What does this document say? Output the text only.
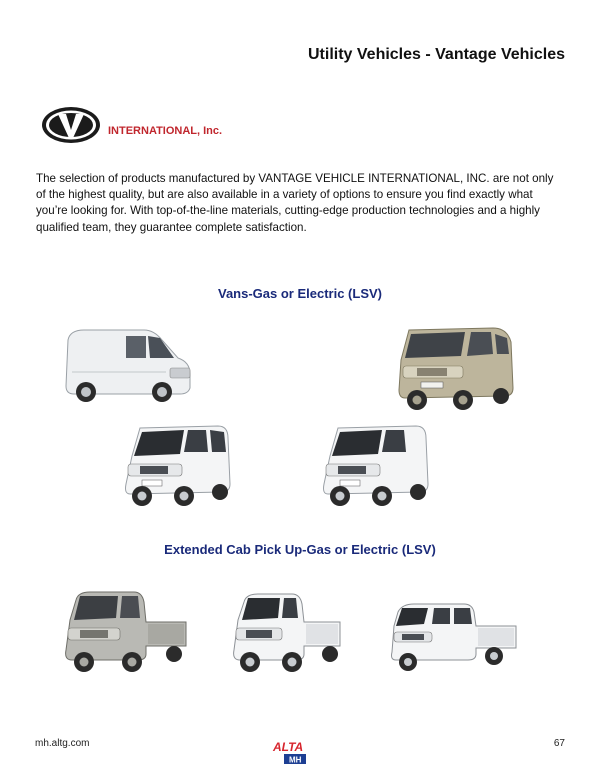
Utility Vehicles - Vantage Vehicles
INTERNATIONAL, Inc.

The selection of products manufactured by VANTAGE VEHICLE INTERNATIONAL, INC. are not only of the highest quality, but are also available in a variety of options to ensure you find exactly what you’re looking for. With top-of-the-line materials, cutting-edge production technologies and a highly qualified team, they guarantee complete satisfaction.

Vans-Gas or Electric (LSV)
Extended Cab Pick Up-Gas or Electric (LSV)
mh.altg.com	ALTA
MH
67
